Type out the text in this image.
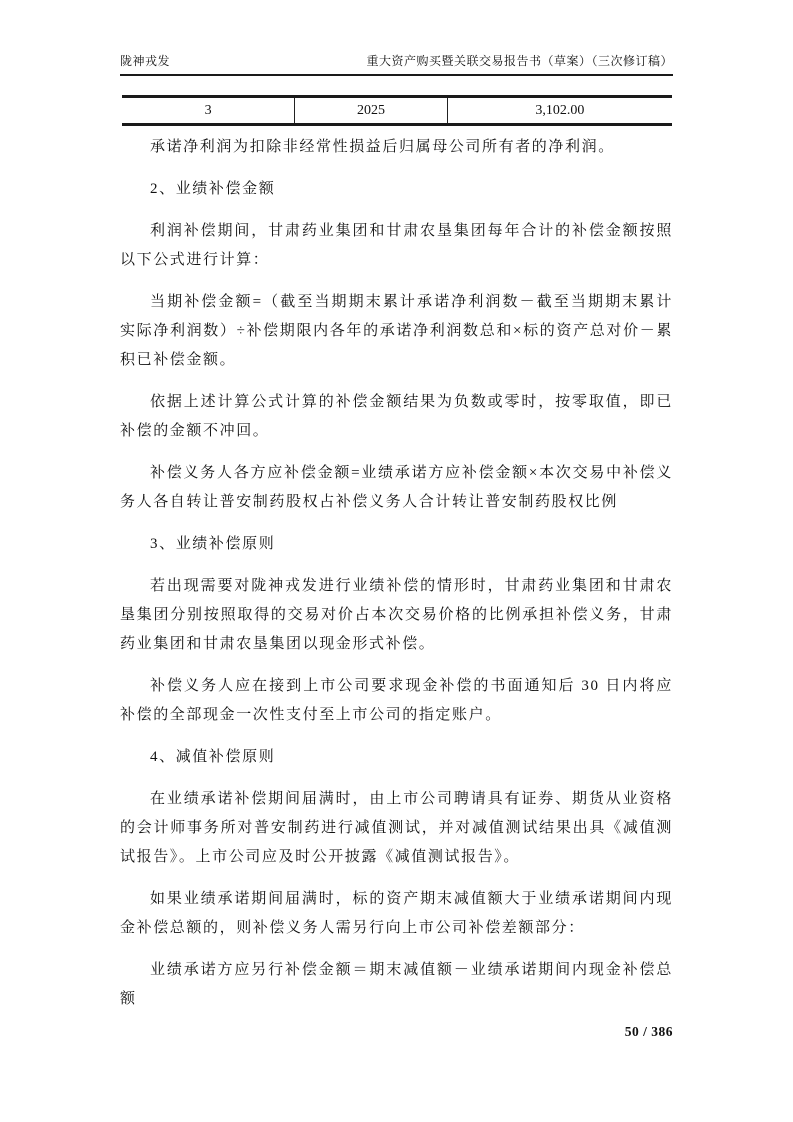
陇神戎发	重大资产购买暨关联交易报告书（草案）（三次修订稿）
3	2025	3,102.00

承诺净利润为扣除非经常性损益后归属母公司所有者的净利润。

2、业绩补偿金额

利润补偿期间，甘肃药业集团和甘肃农垦集团每年合计的补偿金额按照以下公式进行计算：

当期补偿金额=（截至当期期末累计承诺净利润数－截至当期期末累计实际净利润数）÷补偿期限内各年的承诺净利润数总和×标的资产总对价－累积已补偿金额。

依据上述计算公式计算的补偿金额结果为负数或零时，按零取值，即已补偿的金额不冲回。

补偿义务人各方应补偿金额=业绩承诺方应补偿金额×本次交易中补偿义务人各自转让普安制药股权占补偿义务人合计转让普安制药股权比例

3、业绩补偿原则

若出现需要对陇神戎发进行业绩补偿的情形时，甘肃药业集团和甘肃农垦集团分别按照取得的交易对价占本次交易价格的比例承担补偿义务，甘肃药业集团和甘肃农垦集团以现金形式补偿。

补偿义务人应在接到上市公司要求现金补偿的书面通知后 30 日内将应补偿的全部现金一次性支付至上市公司的指定账户。

4、减值补偿原则

在业绩承诺补偿期间届满时，由上市公司聘请具有证券、期货从业资格的会计师事务所对普安制药进行减值测试，并对减值测试结果出具《减值测试报告》。上市公司应及时公开披露《减值测试报告》。

如果业绩承诺期间届满时，标的资产期末减值额大于业绩承诺期间内现金补偿总额的，则补偿义务人需另行向上市公司补偿差额部分：

业绩承诺方应另行补偿金额＝期末减值额－业绩承诺期间内现金补偿总额

50 / 386
